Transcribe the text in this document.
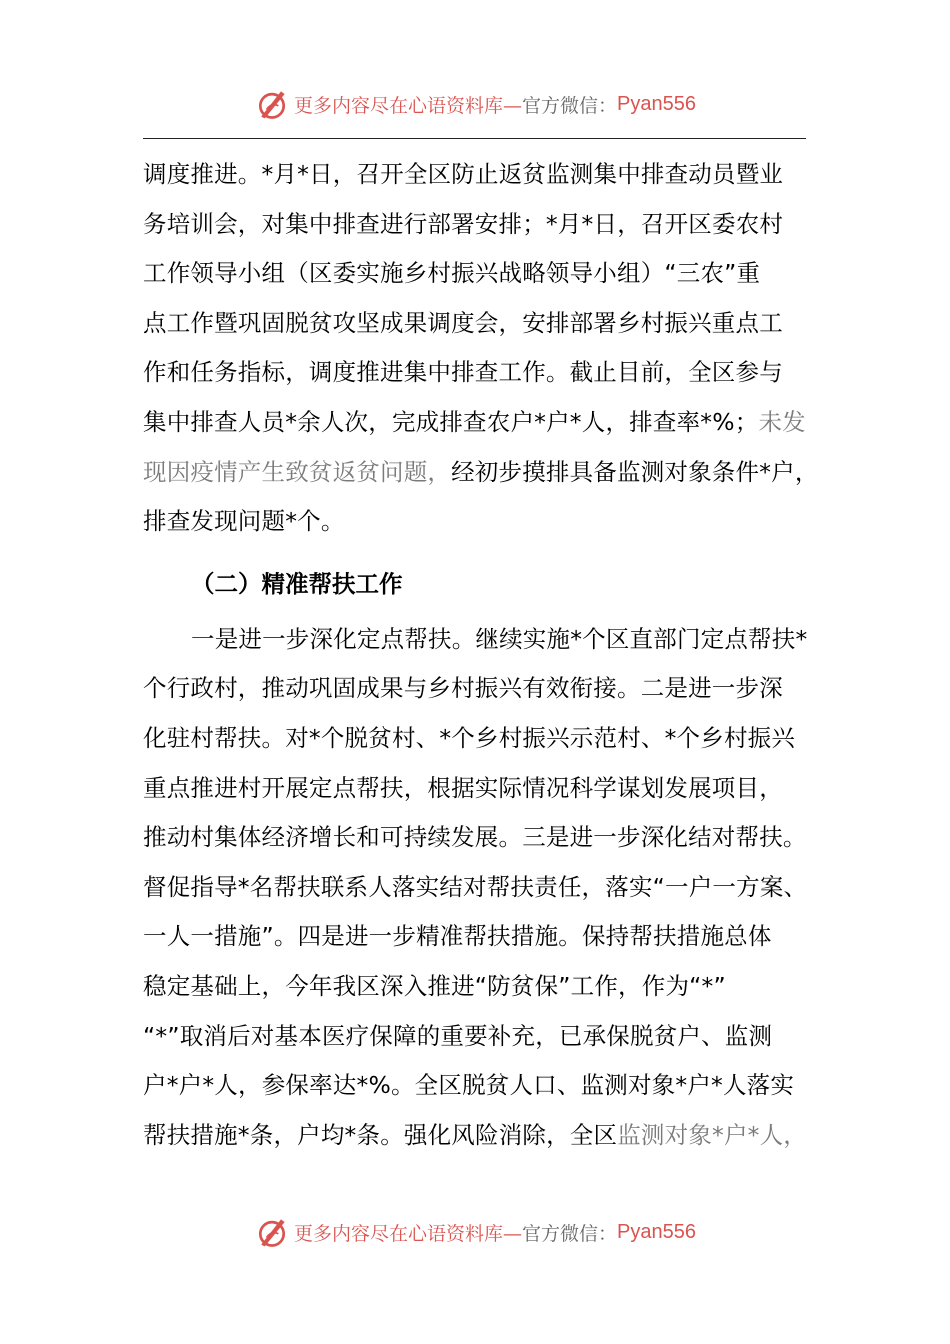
更多内容尽在心语资料库— 官方微信： Pyan556
调度推进。*月*日，召开全区防止返贫监测集中排查动员暨业
务培训会，对集中排查进行部署安排；*月*日，召开区委农村
工作领导小组（区委实施乡村振兴战略领导小组）“三农”重
点工作暨巩固脱贫攻坚成果调度会，安排部署乡村振兴重点工
作和任务指标，调度推进集中排查工作。截止目前，全区参与
集中排查人员*余人次，完成排查农户*户*人，排查率*%；未发
现因疫情产生致贫返贫问题，经初步摸排具备监测对象条件*户，
排查发现问题*个。
（二）精准帮扶工作
一是进一步深化定点帮扶。继续实施*个区直部门定点帮扶*
个行政村，推动巩固成果与乡村振兴有效衔接。二是进一步深
化驻村帮扶。对*个脱贫村、*个乡村振兴示范村、*个乡村振兴
重点推进村开展定点帮扶，根据实际情况科学谋划发展项目，
推动村集体经济增长和可持续发展。三是进一步深化结对帮扶。
督促指导*名帮扶联系人落实结对帮扶责任，落实“一户一方案、
一人一措施”。四是进一步精准帮扶措施。保持帮扶措施总体
稳定基础上，今年我区深入推进“防贫保”工作，作为“*”
“*”取消后对基本医疗保障的重要补充，已承保脱贫户、监测
户*户*人，参保率达*%。全区脱贫人口、监测对象*户*人落实
帮扶措施*条，户均*条。强化风险消除，全区监测对象*户*人，
更多内容尽在心语资料库— 官方微信： Pyan556
